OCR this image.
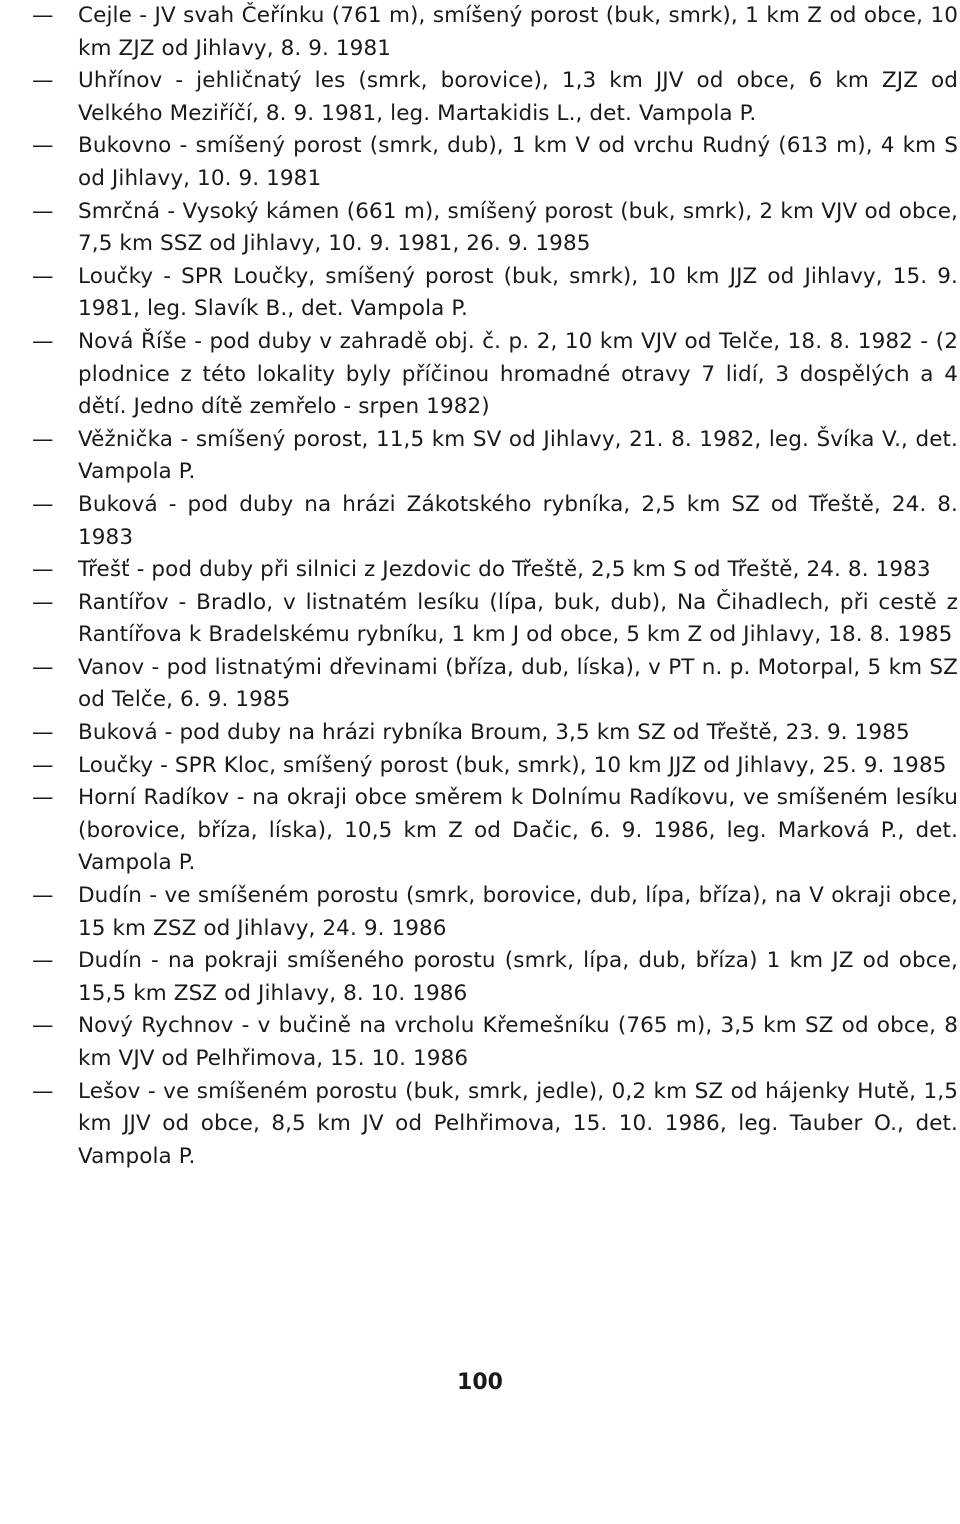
—	Cejle - JV svah Čeřínku (761 m), smíšený porost (buk, smrk), 1 km Z od obce, 10 km ZJZ od Jihlavy, 8. 9. 1981
—	Uhřínov - jehličnatý les (smrk, borovice), 1,3 km JJV od obce, 6 km ZJZ od Velkého Meziříčí, 8. 9. 1981, leg. Martakidis L., det. Vampola P.
—	Bukovno - smíšený porost (smrk, dub), 1 km V od vrchu Rudný (613 m), 4 km S od Jihlavy, 10. 9. 1981
—	Smrčná - Vysoký kámen (661 m), smíšený porost (buk, smrk), 2 km VJV od obce, 7,5 km SSZ od Jihlavy, 10. 9. 1981, 26. 9. 1985
—	Loučky - SPR Loučky, smíšený porost (buk, smrk), 10 km JJZ od Jihlavy, 15. 9. 1981, leg. Slavík B., det. Vampola P.
—	Nová Říše - pod duby v zahradě obj. č. p. 2, 10 km VJV od Telče, 18. 8. 1982 - (2 plodnice z této lokality byly příčinou hromadné otravy 7 lidí, 3 dospělých a 4 dětí. Jedno dítě zemřelo - srpen 1982)
—	Věžnička - smíšený porost, 11,5 km SV od Jihlavy, 21. 8. 1982, leg. Švíka V., det. Vampola P.
—	Buková - pod duby na hrázi Zákotského rybníka, 2,5 km SZ od Třeště, 24. 8. 1983
—	Třešť - pod duby při silnici z Jezdovic do Třeště, 2,5 km S od Třeště, 24. 8. 1983
—	Rantířov - Bradlo, v listnatém lesíku (lípa, buk, dub), Na Čihadlech, při cestě z Rantířova k Bradelskému rybníku, 1 km J od obce, 5 km Z od Jihlavy, 18. 8. 1985
—	Vanov - pod listnatými dřevinami (bříza, dub, líska), v PT n. p. Motorpal, 5 km SZ od Telče, 6. 9. 1985
—	Buková - pod duby na hrázi rybníka Broum, 3,5 km SZ od Třeště, 23. 9. 1985
—	Loučky - SPR Kloc, smíšený porost (buk, smrk), 10 km JJZ od Jihlavy, 25. 9. 1985
—	Horní Radíkov - na okraji obce směrem k Dolnímu Radíkovu, ve smíšeném lesíku (borovice, bříza, líska), 10,5 km Z od Dačic, 6. 9. 1986, leg. Marková P., det. Vampola P.
—	Dudín - ve smíšeném porostu (smrk, borovice, dub, lípa, bříza), na V okraji obce, 15 km ZSZ od Jihlavy, 24. 9. 1986
—	Dudín - na pokraji smíšeného porostu (smrk, lípa, dub, bříza) 1 km JZ od obce, 15,5 km ZSZ od Jihlavy, 8. 10. 1986
—	Nový Rychnov - v bučině na vrcholu Křemešníku (765 m), 3,5 km SZ od obce, 8 km VJV od Pelhřimova, 15. 10. 1986
—	Lešov - ve smíšeném porostu (buk, smrk, jedle), 0,2 km SZ od hájenky Hutě, 1,5 km JJV od obce, 8,5 km JV od Pelhřimova, 15. 10. 1986, leg. Tauber O., det. Vampola P.
100
